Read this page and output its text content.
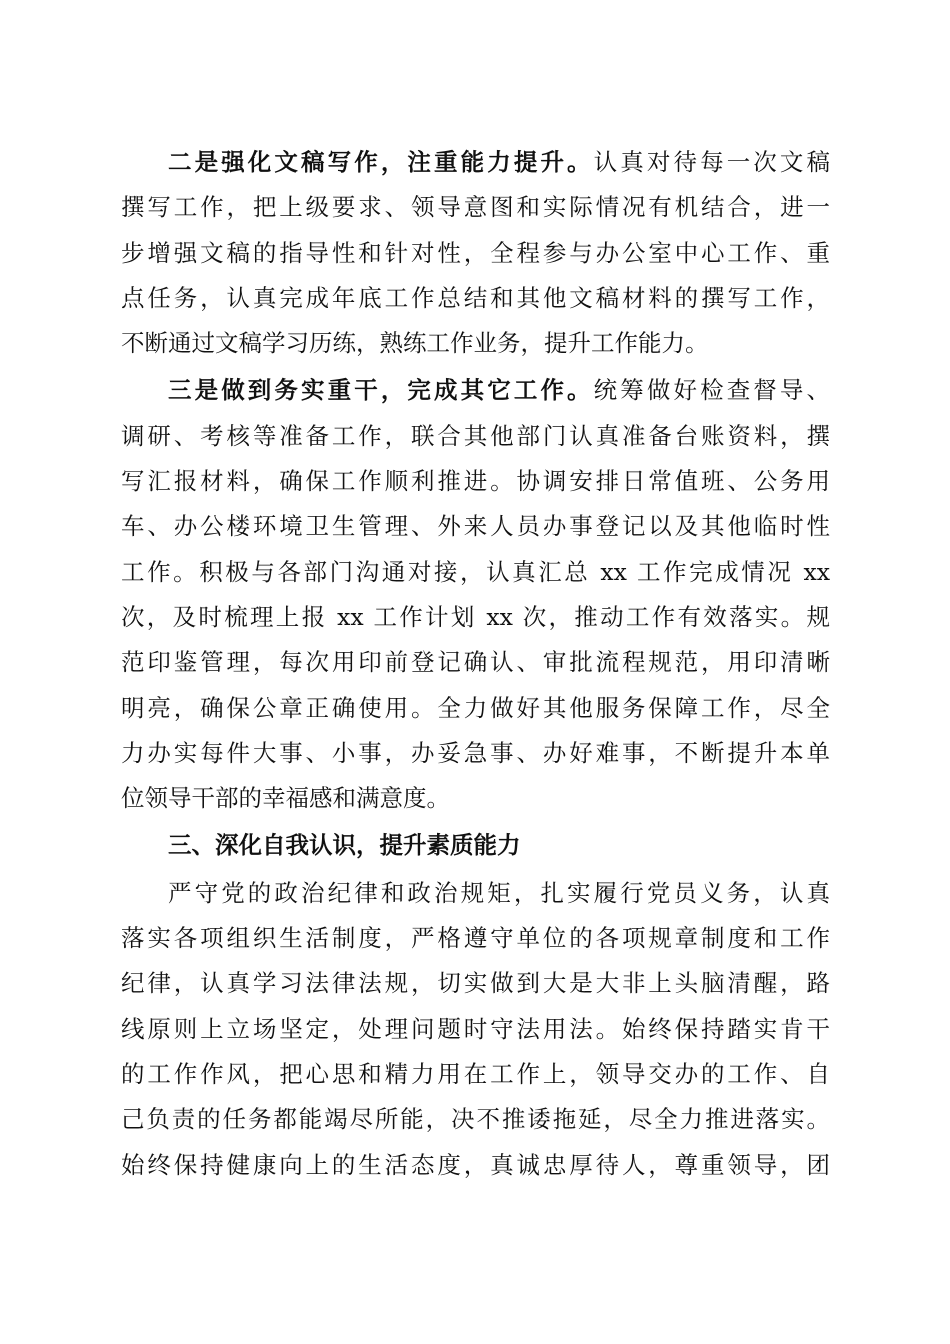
二是强化文稿写作，注重能力提升。认真对待每一次文稿
撰写工作，把上级要求、领导意图和实际情况有机结合，进一
步增强文稿的指导性和针对性，全程参与办公室中心工作、重
点任务，认真完成年底工作总结和其他文稿材料的撰写工作，
不断通过文稿学习历练，熟练工作业务，提升工作能力。
三是做到务实重干，完成其它工作。统筹做好检查督导、
调研、考核等准备工作，联合其他部门认真准备台账资料，撰
写汇报材料，确保工作顺利推进。协调安排日常值班、公务用
车、办公楼环境卫生管理、外来人员办事登记以及其他临时性
工作。积极与各部门沟通对接，认真汇总 xx 工作完成情况 xx
次，及时梳理上报 xx 工作计划 xx 次，推动工作有效落实。规
范印鉴管理，每次用印前登记确认、审批流程规范，用印清晰
明亮，确保公章正确使用。全力做好其他服务保障工作，尽全
力办实每件大事、小事，办妥急事、办好难事，不断提升本单
位领导干部的幸福感和满意度。
三、深化自我认识，提升素质能力
严守党的政治纪律和政治规矩，扎实履行党员义务，认真
落实各项组织生活制度，严格遵守单位的各项规章制度和工作
纪律，认真学习法律法规，切实做到大是大非上头脑清醒，路
线原则上立场坚定，处理问题时守法用法。始终保持踏实肯干
的工作作风，把心思和精力用在工作上，领导交办的工作、自
己负责的任务都能竭尽所能，决不推诿拖延，尽全力推进落实。
始终保持健康向上的生活态度，真诚忠厚待人，尊重领导，团
